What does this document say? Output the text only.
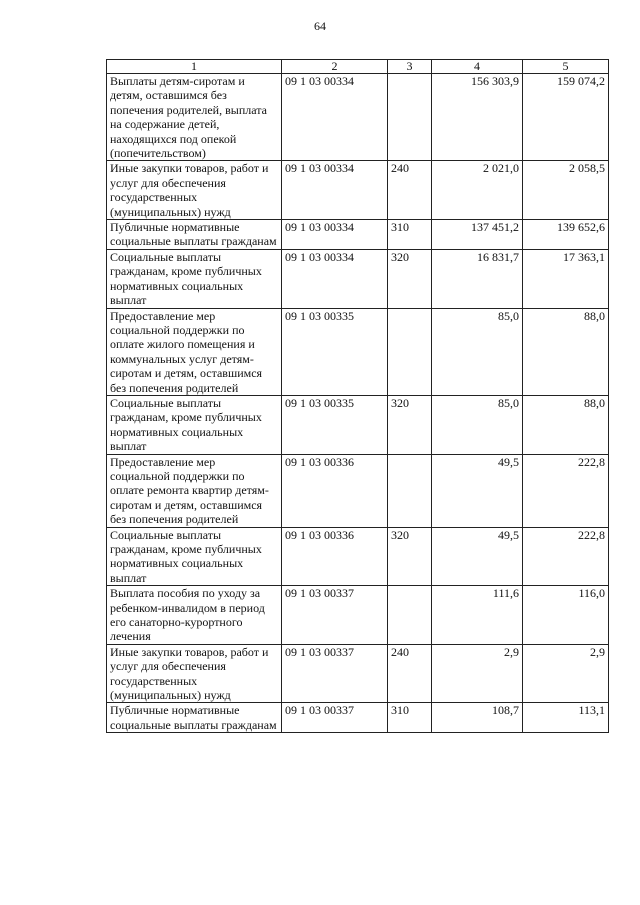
64
1	2	3	4	5
Выплаты детям-сиротам и детям, оставшимся без попечения родителей, выплата на содержание детей, находящихся под опекой (попечительством)	09 1 03 00334		156 303,9	159 074,2
Иные закупки товаров, работ и услуг для обеспечения государственных (муниципальных) нужд	09 1 03 00334	240	2 021,0	2 058,5
Публичные нормативные социальные выплаты гражданам	09 1 03 00334	310	137 451,2	139 652,6
Социальные выплаты гражданам, кроме публичных нормативных социальных выплат	09 1 03 00334	320	16 831,7	17 363,1
Предоставление мер социальной поддержки по оплате жилого помещения и коммунальных услуг детям-сиротам и детям, оставшимся без попечения родителей	09 1 03 00335		85,0	88,0
Социальные выплаты гражданам, кроме публичных нормативных социальных выплат	09 1 03 00335	320	85,0	88,0
Предоставление мер социальной поддержки по оплате ремонта квартир детям-сиротам и детям, оставшимся без попечения родителей	09 1 03 00336		49,5	222,8
Социальные выплаты гражданам, кроме публичных нормативных социальных выплат	09 1 03 00336	320	49,5	222,8
Выплата пособия по уходу за ребенком-инвалидом в период его санаторно-курортного лечения	09 1 03 00337		111,6	116,0
Иные закупки товаров, работ и услуг для обеспечения государственных (муниципальных) нужд	09 1 03 00337	240	2,9	2,9
Публичные нормативные социальные выплаты гражданам	09 1 03 00337	310	108,7	113,1
